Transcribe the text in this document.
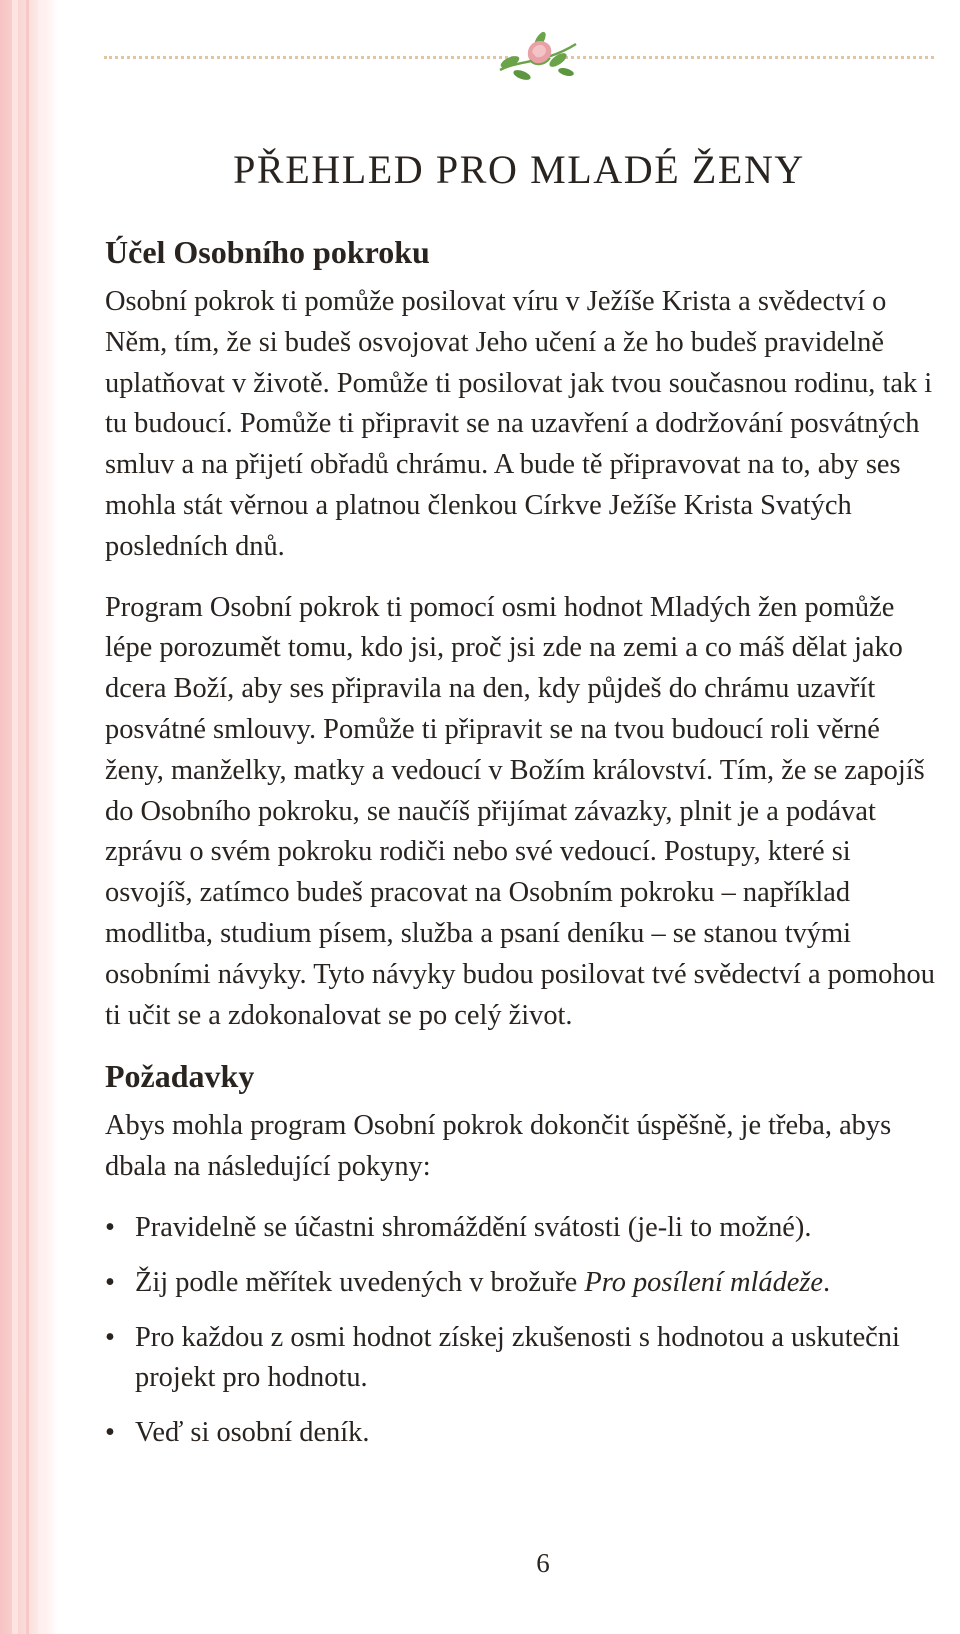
PŘEHLED PRO MLADÉ ŽENY
Účel Osobního pokroku

Osobní pokrok ti pomůže posilovat víru v Ježíše Krista a svědectví o Něm, tím, že si budeš osvojovat Jeho učení a že ho budeš pravidelně uplatňovat v životě. Pomůže ti posilovat jak tvou současnou rodinu, tak i tu budoucí. Pomůže ti připravit se na uzavření a dodržování posvátných smluv a na přijetí obřadů chrámu. A bude tě připravovat na to, aby ses mohla stát věrnou a platnou členkou Církve Ježíše Krista Svatých posledních dnů.

Program Osobní pokrok ti pomocí osmi hodnot Mladých žen pomůže lépe porozumět tomu, kdo jsi, proč jsi zde na zemi a co máš dělat jako dcera Boží, aby ses připravila na den, kdy půjdeš do chrámu uzavřít posvátné smlouvy. Pomůže ti připravit se na tvou budoucí roli věrné ženy, manželky, matky a vedoucí v Božím království. Tím, že se zapojíš do Osobního pokroku, se naučíš přijímat závazky, plnit je a podávat zprávu o svém pokroku rodiči nebo své vedoucí. Postupy, které si osvojíš, zatímco budeš pracovat na Osobním pokroku – například modlitba, studium písem, služba a psaní deníku – se stanou tvými osobními návyky. Tyto návyky budou posilovat tvé svědectví a pomohou ti učit se a zdokonalovat se po celý život.

Požadavky

Abys mohla program Osobní pokrok dokončit úspěšně, je třeba, abys dbala na následující pokyny:

• Pravidelně se účastni shromáždění svátosti (je-li to možné).
• Žij podle měřítek uvedených v brožuře Pro posílení mládeže.
• Pro každou z osmi hodnot získej zkušenosti s hodnotou a uskutečni projekt pro hodnotu.
• Veď si osobní deník.
6
